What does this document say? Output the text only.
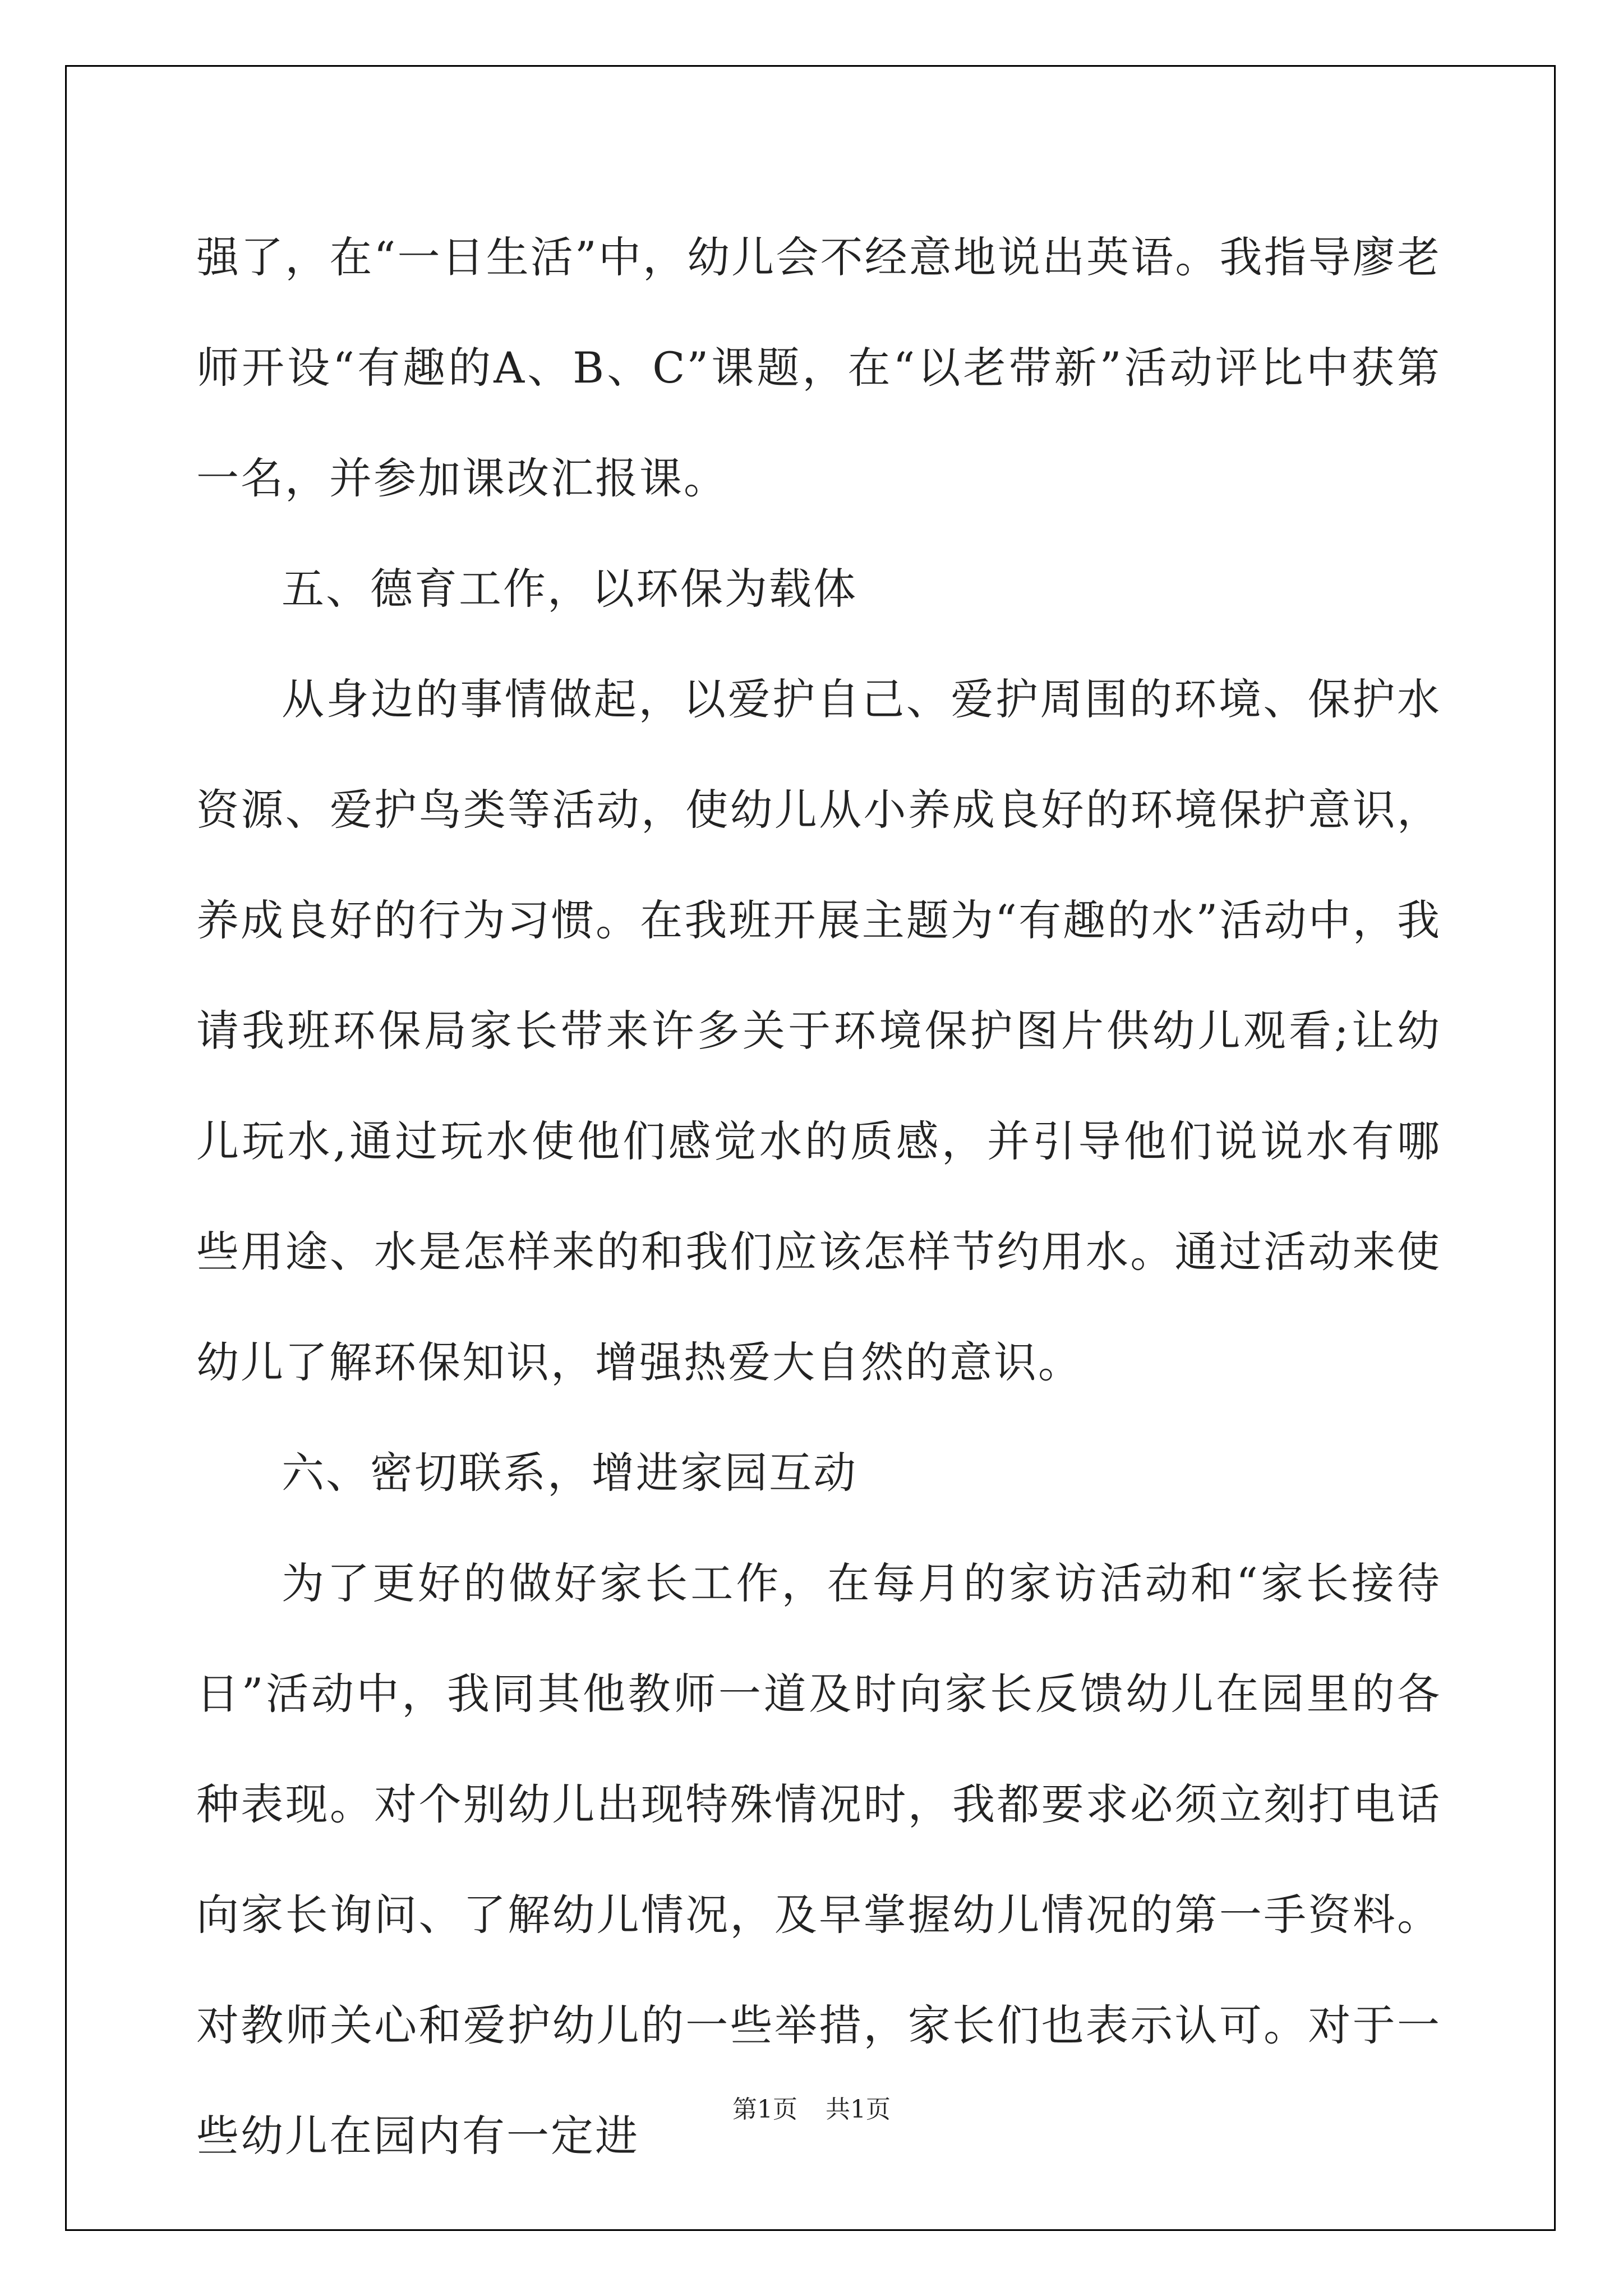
强了，在“一日生活”中，幼儿会不经意地说出英语。我指导廖老师开设“有趣的A、B、C”课题，在“以老带新”活动评比中获第一名，并参加课改汇报课。

五、德育工作，以环保为载体

从身边的事情做起，以爱护自己、爱护周围的环境、保护水资源、爱护鸟类等活动，使幼儿从小养成良好的环境保护意识，养成良好的行为习惯。在我班开展主题为“有趣的水”活动中，我请我班环保局家长带来许多关于环境保护图片供幼儿观看;让幼儿玩水,通过玩水使他们感觉水的质感，并引导他们说说水有哪些用途、水是怎样来的和我们应该怎样节约用水。通过活动来使幼儿了解环保知识，增强热爱大自然的意识。

六、密切联系，增进家园互动

为了更好的做好家长工作，在每月的家访活动和“家长接待日”活动中，我同其他教师一道及时向家长反馈幼儿在园里的各种表现。对个别幼儿出现特殊情况时，我都要求必须立刻打电话向家长询问、了解幼儿情况，及早掌握幼儿情况的第一手资料。对教师关心和爱护幼儿的一些举措，家长们也表示认可。对于一些幼儿在园内有一定进

第1页 共1页
